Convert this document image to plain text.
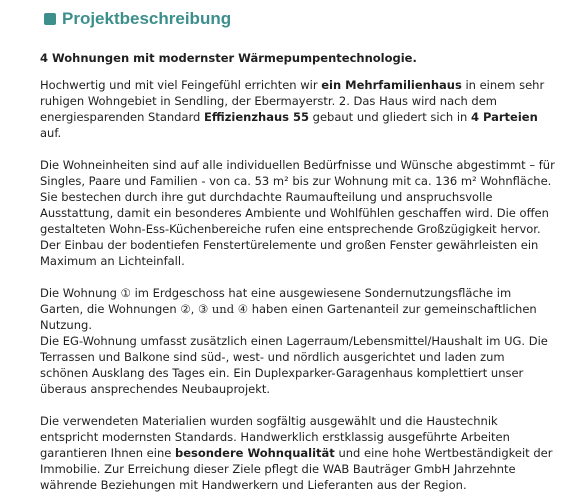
Projektbeschreibung

4 Wohnungen mit modernster Wärmepumpentechnologie.

Hochwertig und mit viel Feingefühl errichten wir ein Mehrfamilienhaus in einem sehr ruhigen Wohngebiet in Sendling, der Ebermayerstr. 2. Das Haus wird nach dem energiesparenden Standard Effizienzhaus 55 gebaut und gliedert sich in 4 Parteien auf.

Die Wohneinheiten sind auf alle individuellen Bedürfnisse und Wünsche abgestimmt – für Singles, Paare und Familien - von ca. 53 m² bis zur Wohnung mit ca. 136 m² Wohnfläche. Sie bestechen durch ihre gut durchdachte Raumaufteilung und anspruchsvolle Ausstattung, damit ein besonderes Ambiente und Wohlfühlen geschaffen wird. Die offen gestalteten Wohn-Ess-Küchenbereiche rufen eine entsprechende Großzügigkeit hervor. Der Einbau der bodentiefen Fenstertürelemente und großen Fenster gewährleisten ein Maximum an Lichteinfall.

Die Wohnung ① im Erdgeschoss hat eine ausgewiesene Sondernutzungsfläche im Garten, die Wohnungen ②, ③ und ④ haben einen Gartenanteil zur gemeinschaftlichen Nutzung.
Die EG-Wohnung umfasst zusätzlich einen Lagerraum/Lebensmittel/Haushalt im UG. Die Terrassen und Balkone sind süd-, west- und nördlich ausgerichtet und laden zum schönen Ausklang des Tages ein. Ein Duplexparker-Garagenhaus komplettiert unser überaus ansprechendes Neubauprojekt.

Die verwendeten Materialien wurden sogfältig ausgewählt und die Haustechnik entspricht modernsten Standards. Handwerklich erstklassig ausgeführte Arbeiten garantieren Ihnen eine besondere Wohnqualität und eine hohe Wertbeständigkeit der Immobilie. Zur Erreichung dieser Ziele pflegt die WAB Bauträger GmbH Jahrzehnte währende Beziehungen mit Handwerkern und Lieferanten aus der Region.
